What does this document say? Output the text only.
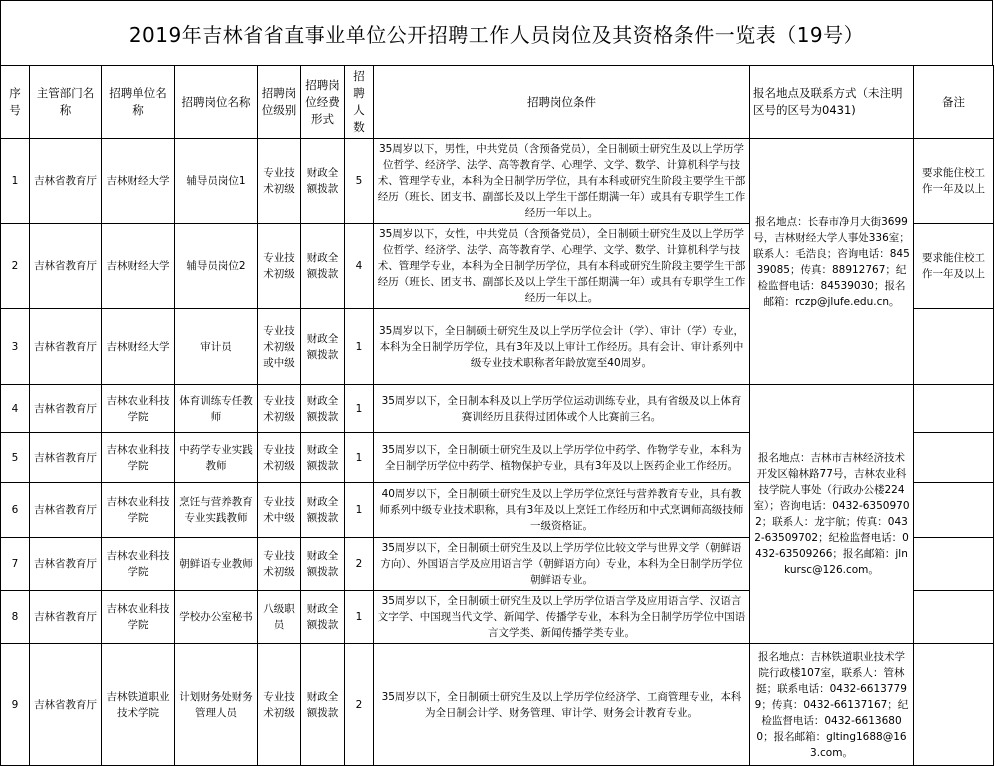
2019年吉林省省直事业单位公开招聘工作人员岗位及其资格条件一览表（19号）
序号	主管部门名称	招聘单位名称	招聘岗位名称	招聘岗位级别	招聘岗位经费形式	招聘人数	招聘岗位条件	报名地点及联系方式（未注明区号的区号为0431)	备注
1	吉林省教育厅	吉林财经大学	辅导员岗位1	专业技术初级	财政全额拨款	5	35周岁以下，男性，中共党员（含预备党员），全日制硕士研究生及以上学历学位哲学、经济学、法学、高等教育学、心理学、文学、数学、计算机科学与技术、管理学专业，本科为全日制学历学位，具有本科或研究生阶段主要学生干部经历（班长、团支书、副部长及以上学生干部任期满一年）或具有专职学生工作经历一年以上。	报名地点：长春市净月大街3699号，吉林财经大学人事处336室；联系人：毛浩良；咨询电话：84539085；传真：88912767；纪检监督电话：84539030；报名邮箱：rczp@jlufe.edu.cn。	要求能住校工作一年及以上
2	吉林省教育厅	吉林财经大学	辅导员岗位2	专业技术初级	财政全额拨款	4	35周岁以下，女性，中共党员（含预备党员），全日制硕士研究生及以上学历学位哲学、经济学、法学、高等教育学、心理学、文学、数学、计算机科学与技术、管理学专业，本科为全日制学历学位，具有本科或研究生阶段主要学生干部经历（班长、团支书、副部长及以上学生干部任期满一年）或具有专职学生工作经历一年以上。		要求能住校工作一年及以上
3	吉林省教育厅	吉林财经大学	审计员	专业技术初级或中级	财政全额拨款	1	35周岁以下，全日制硕士研究生及以上学历学位会计（学）、审计（学）专业，本科为全日制学历学位，具有3年及以上审计工作经历。具有会计、审计系列中级专业技术职称者年龄放宽至40周岁。		
4	吉林省教育厅	吉林农业科技学院	体育训练专任教师	专业技术初级	财政全额拨款	1	35周岁以下，全日制本科及以上学历学位运动训练专业，具有省级及以上体育赛训经历且获得过团体或个人比赛前三名。	报名地点：吉林市吉林经济技术开发区翰林路77号，吉林农业科技学院人事处（行政办公楼224室）；咨询电话：0432-63509702；联系人：龙宇航；传真：0432-63509702；纪检监督电话：0432-63509266；报名邮箱：jlnkursc@126.com。	
5	吉林省教育厅	吉林农业科技学院	中药学专业实践教师	专业技术初级	财政全额拨款	1	35周岁以下，全日制硕士研究生及以上学历学位中药学、作物学专业，本科为全日制学历学位中药学、植物保护专业，具有3年及以上医药企业工作经历。		
6	吉林省教育厅	吉林农业科技学院	烹饪与营养教育专业实践教师	专业技术中级	财政全额拨款	1	40周岁以下，全日制硕士研究生及以上学历学位烹饪与营养教育专业，具有教师系列中级专业技术职称，具有3年及以上烹饪工作经历和中式烹调师高级技师一级资格证。		
7	吉林省教育厅	吉林农业科技学院	朝鲜语专业教师	专业技术初级	财政全额拨款	2	35周岁以下，全日制硕士研究生及以上学历学位比较文学与世界文学（朝鲜语方向）、外国语言学及应用语言学（朝鲜语方向）专业，本科为全日制学历学位朝鲜语专业。		
8	吉林省教育厅	吉林农业科技学院	学校办公室秘书	八级职员	财政全额拨款	1	35周岁以下，全日制硕士研究生及以上学历学位语言学及应用语言学、汉语言文字学、中国现当代文学、新闻学、传播学专业，本科为全日制学历学位中国语言文学类、新闻传播学类专业。		
9	吉林省教育厅	吉林铁道职业技术学院	计划财务处财务管理人员	专业技术初级	财政全额拨款	2	35周岁以下，全日制硕士研究生及以上学历学位经济学、工商管理专业，本科为全日制会计学、财务管理、审计学、财务会计教育专业。	报名地点：吉林铁道职业技术学院行政楼107室，联系人：管林挺；联系电话：0432-66137799；传真：0432-66137167；纪检监督电话：0432-66136800；报名邮箱：glting1688@163.com。	
